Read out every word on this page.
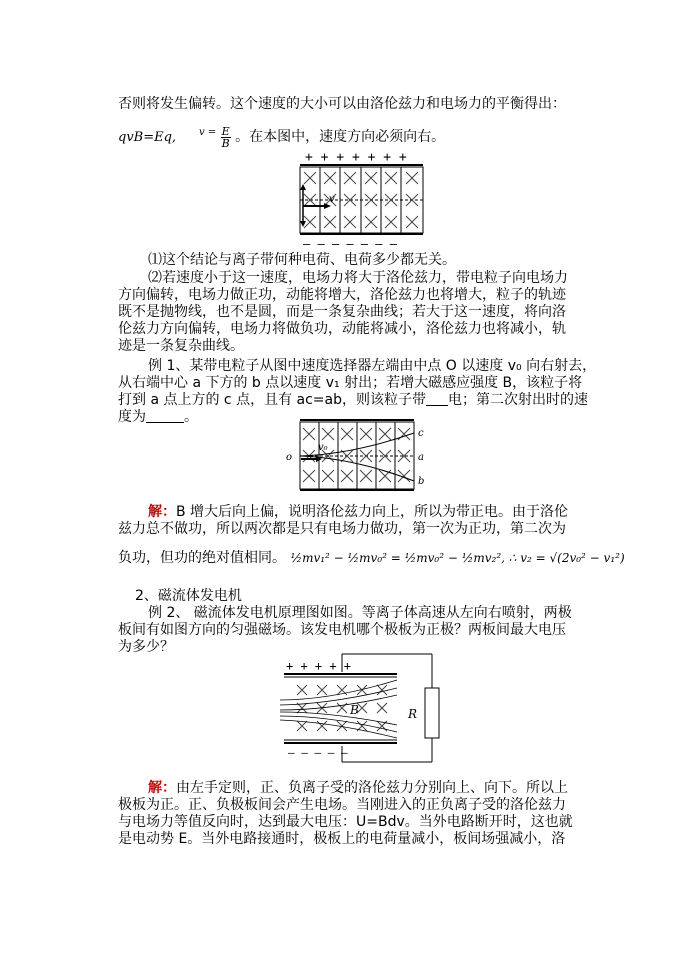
否则将发生偏转。这个速度的大小可以由洛伦兹力和电场力的平衡得出：
qvB=Eq, $^{v =} \frac{E}{B}$ 。在本图中，速度方向必须向右。
+ + + + + + +
v
— — — — — — —
⑴这个结论与离子带何种电荷、电荷多少都无关。
⑵若速度小于这一速度，电场力将大于洛伦兹力，带电粒子向电场力
方向偏转，电场力做正功，动能将增大，洛伦兹力也将增大，粒子的轨迹
既不是抛物线，也不是圆，而是一条复杂曲线；若大于这一速度，将向洛
伦兹力方向偏转，电场力将做负功，动能将减小，洛伦兹力也将减小，轨
迹是一条复杂曲线。
例 1、某带电粒子从图中速度选择器左端由中点 O 以速度 v₀ 向右射去，
从右端中心 a 下方的 b 点以速度 v₁ 射出；若增大磁感应强度 B，该粒子将
打到 a 点上方的 c 点，且有 ac=ab，则该粒子带 电；第二次射出时的速
度为	。
o
v₀
c
a
b
解：B 增大后向上偏，说明洛伦兹力向上，所以为带正电。由于洛伦
兹力总不做功，所以两次都是只有电场力做功，第一次为正功，第二次为
负功，但功的绝对值相同。 ½mv₁² − ½mv₀² = ½mv₀² − ½mv₂², ∴ v₂ = √(2v₀² − v₁²)
2、磁流体发电机
例 2、 磁流体发电机原理图如图。等离子体高速从左向右喷射，两极
板间有如图方向的匀强磁场。该发电机哪个极板为正极？两板间最大电压
为多少？
R
+ + + + +
B
— — — — —
解：由左手定则，正、负离子受的洛伦兹力分别向上、向下。所以上
极板为正。正、负极板间会产生电场。当刚进入的正负离子受的洛伦兹力
与电场力等值反向时，达到最大电压：U=Bdv。当外电路断开时，这也就
是电动势 E。当外电路接通时，极板上的电荷量减小，板间场强减小，洛
